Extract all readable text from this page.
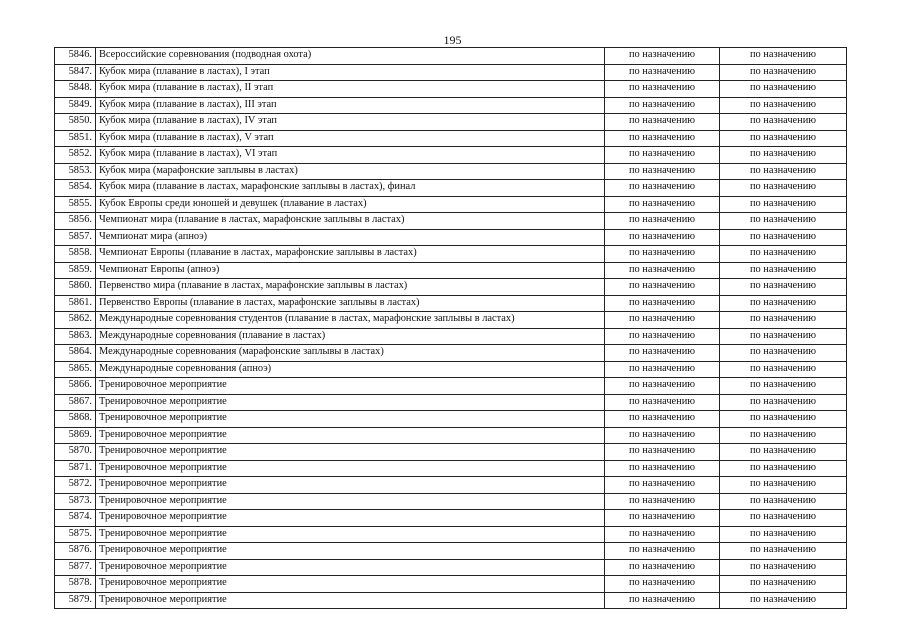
195
5846.	Всероссийские соревнования (подводная охота)	по назначению	по назначению
5847.	Кубок мира (плавание в ластах), I этап	по назначению	по назначению
5848.	Кубок мира (плавание в ластах), II этап	по назначению	по назначению
5849.	Кубок мира (плавание в ластах), III этап	по назначению	по назначению
5850.	Кубок мира (плавание в ластах), IV этап	по назначению	по назначению
5851.	Кубок мира (плавание в ластах), V этап	по назначению	по назначению
5852.	Кубок мира (плавание в ластах), VI этап	по назначению	по назначению
5853.	Кубок мира (марафонские заплывы в ластах)	по назначению	по назначению
5854.	Кубок мира (плавание в ластах, марафонские заплывы в ластах), финал	по назначению	по назначению
5855.	Кубок Европы среди юношей и девушек (плавание в ластах)	по назначению	по назначению
5856.	Чемпионат мира (плавание в ластах, марафонские заплывы в ластах)	по назначению	по назначению
5857.	Чемпионат мира (апноэ)	по назначению	по назначению
5858.	Чемпионат Европы (плавание в ластах, марафонские заплывы в ластах)	по назначению	по назначению
5859.	Чемпионат Европы (апноэ)	по назначению	по назначению
5860.	Первенство мира (плавание в ластах, марафонские заплывы в ластах)	по назначению	по назначению
5861.	Первенство Европы (плавание в ластах, марафонские заплывы в ластах)	по назначению	по назначению
5862.	Международные соревнования студентов (плавание в ластах, марафонские заплывы в ластах)	по назначению	по назначению
5863.	Международные соревнования (плавание в ластах)	по назначению	по назначению
5864.	Международные соревнования (марафонские заплывы в ластах)	по назначению	по назначению
5865.	Международные соревнования (апноэ)	по назначению	по назначению
5866.	Тренировочное мероприятие	по назначению	по назначению
5867.	Тренировочное мероприятие	по назначению	по назначению
5868.	Тренировочное мероприятие	по назначению	по назначению
5869.	Тренировочное мероприятие	по назначению	по назначению
5870.	Тренировочное мероприятие	по назначению	по назначению
5871.	Тренировочное мероприятие	по назначению	по назначению
5872.	Тренировочное мероприятие	по назначению	по назначению
5873.	Тренировочное мероприятие	по назначению	по назначению
5874.	Тренировочное мероприятие	по назначению	по назначению
5875.	Тренировочное мероприятие	по назначению	по назначению
5876.	Тренировочное мероприятие	по назначению	по назначению
5877.	Тренировочное мероприятие	по назначению	по назначению
5878.	Тренировочное мероприятие	по назначению	по назначению
5879.	Тренировочное мероприятие	по назначению	по назначению
